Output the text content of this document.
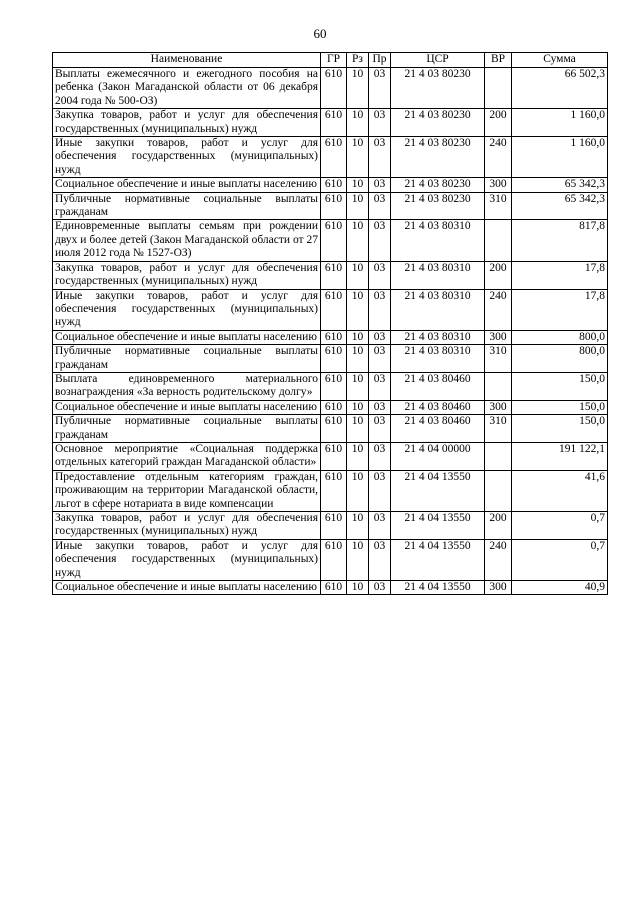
60
Наименование	ГР	Рз	Пр	ЦСР	ВР	Сумма
Выплаты ежемесячного и ежегодного пособия на ребенка (Закон Магаданской области от 06 декабря 2004 года № 500-ОЗ)	610	10	03	21 4 03 80230		66 502,3
Закупка товаров, работ и услуг для обеспечения государственных (муниципальных) нужд	610	10	03	21 4 03 80230	200	1 160,0
Иные закупки товаров, работ и услуг для обеспечения государственных (муниципальных) нужд	610	10	03	21 4 03 80230	240	1 160,0
Социальное обеспечение и иные выплаты населению	610	10	03	21 4 03 80230	300	65 342,3
Публичные нормативные социальные выплаты гражданам	610	10	03	21 4 03 80230	310	65 342,3
Единовременные выплаты семьям при рождении двух и более детей (Закон Магаданской области от 27 июля 2012 года № 1527-ОЗ)	610	10	03	21 4 03 80310		817,8
Закупка товаров, работ и услуг для обеспечения государственных (муниципальных) нужд	610	10	03	21 4 03 80310	200	17,8
Иные закупки товаров, работ и услуг для обеспечения государственных (муниципальных) нужд	610	10	03	21 4 03 80310	240	17,8
Социальное обеспечение и иные выплаты населению	610	10	03	21 4 03 80310	300	800,0
Публичные нормативные социальные выплаты гражданам	610	10	03	21 4 03 80310	310	800,0
Выплата единовременного материального вознаграждения «За верность родительскому долгу»	610	10	03	21 4 03 80460		150,0
Социальное обеспечение и иные выплаты населению	610	10	03	21 4 03 80460	300	150,0
Публичные нормативные социальные выплаты гражданам	610	10	03	21 4 03 80460	310	150,0
Основное мероприятие «Социальная поддержка отдельных категорий граждан Магаданской области»	610	10	03	21 4 04 00000		191 122,1
Предоставление отдельным категориям граждан, проживающим на территории Магаданской области, льгот в сфере нотариата в виде компенсации	610	10	03	21 4 04 13550		41,6
Закупка товаров, работ и услуг для обеспечения государственных (муниципальных) нужд	610	10	03	21 4 04 13550	200	0,7
Иные закупки товаров, работ и услуг для обеспечения государственных (муниципальных) нужд	610	10	03	21 4 04 13550	240	0,7
Социальное обеспечение и иные выплаты населению	610	10	03	21 4 04 13550	300	40,9
